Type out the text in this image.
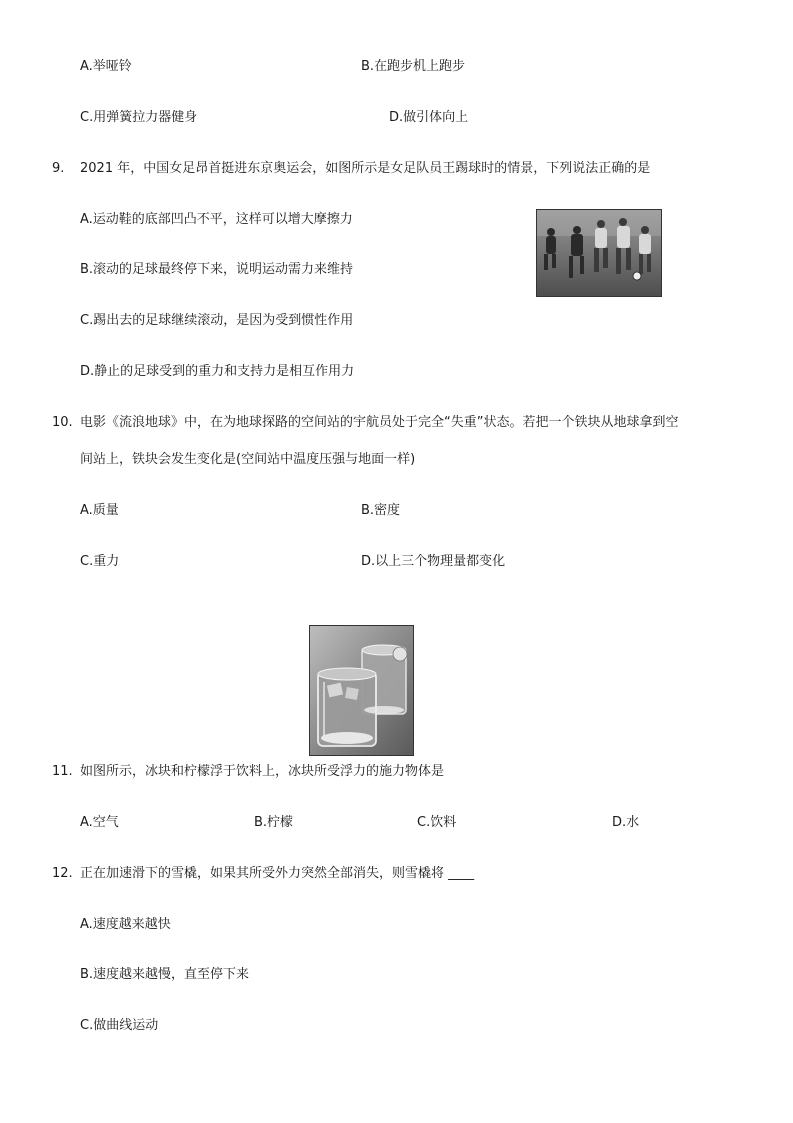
A.举哑铃	B.在跑步机上跑步
C.用弹簧拉力器健身	D.做引体向上
9. 2021 年，中国女足昂首挺进东京奥运会，如图所示是女足队员王踢球时的情景，下列说法正确的是
A.运动鞋的底部凹凸不平，这样可以增大摩擦力
B.滚动的足球最终停下来，说明运动需力来维持
C.踢出去的足球继续滚动，是因为受到惯性作用
D.静止的足球受到的重力和支持力是相互作用力
10. 电影《流浪地球》中，在为地球探路的空间站的宇航员处于完全“失重”状态。若把一个铁块从地球拿到空
间站上，铁块会发生变化是(空间站中温度压强与地面一样)
A.质量	B.密度
C.重力	D.以上三个物理量都变化
11. 如图所示，冰块和柠檬浮于饮料上，冰块所受浮力的施力物体是
A.空气	B.柠檬	C.饮料	D.水
12. 正在加速滑下的雪橇，如果其所受外力突然全部消失，则雪橇将 ____
A.速度越来越快
B.速度越来越慢，直至停下来
C.做曲线运动
